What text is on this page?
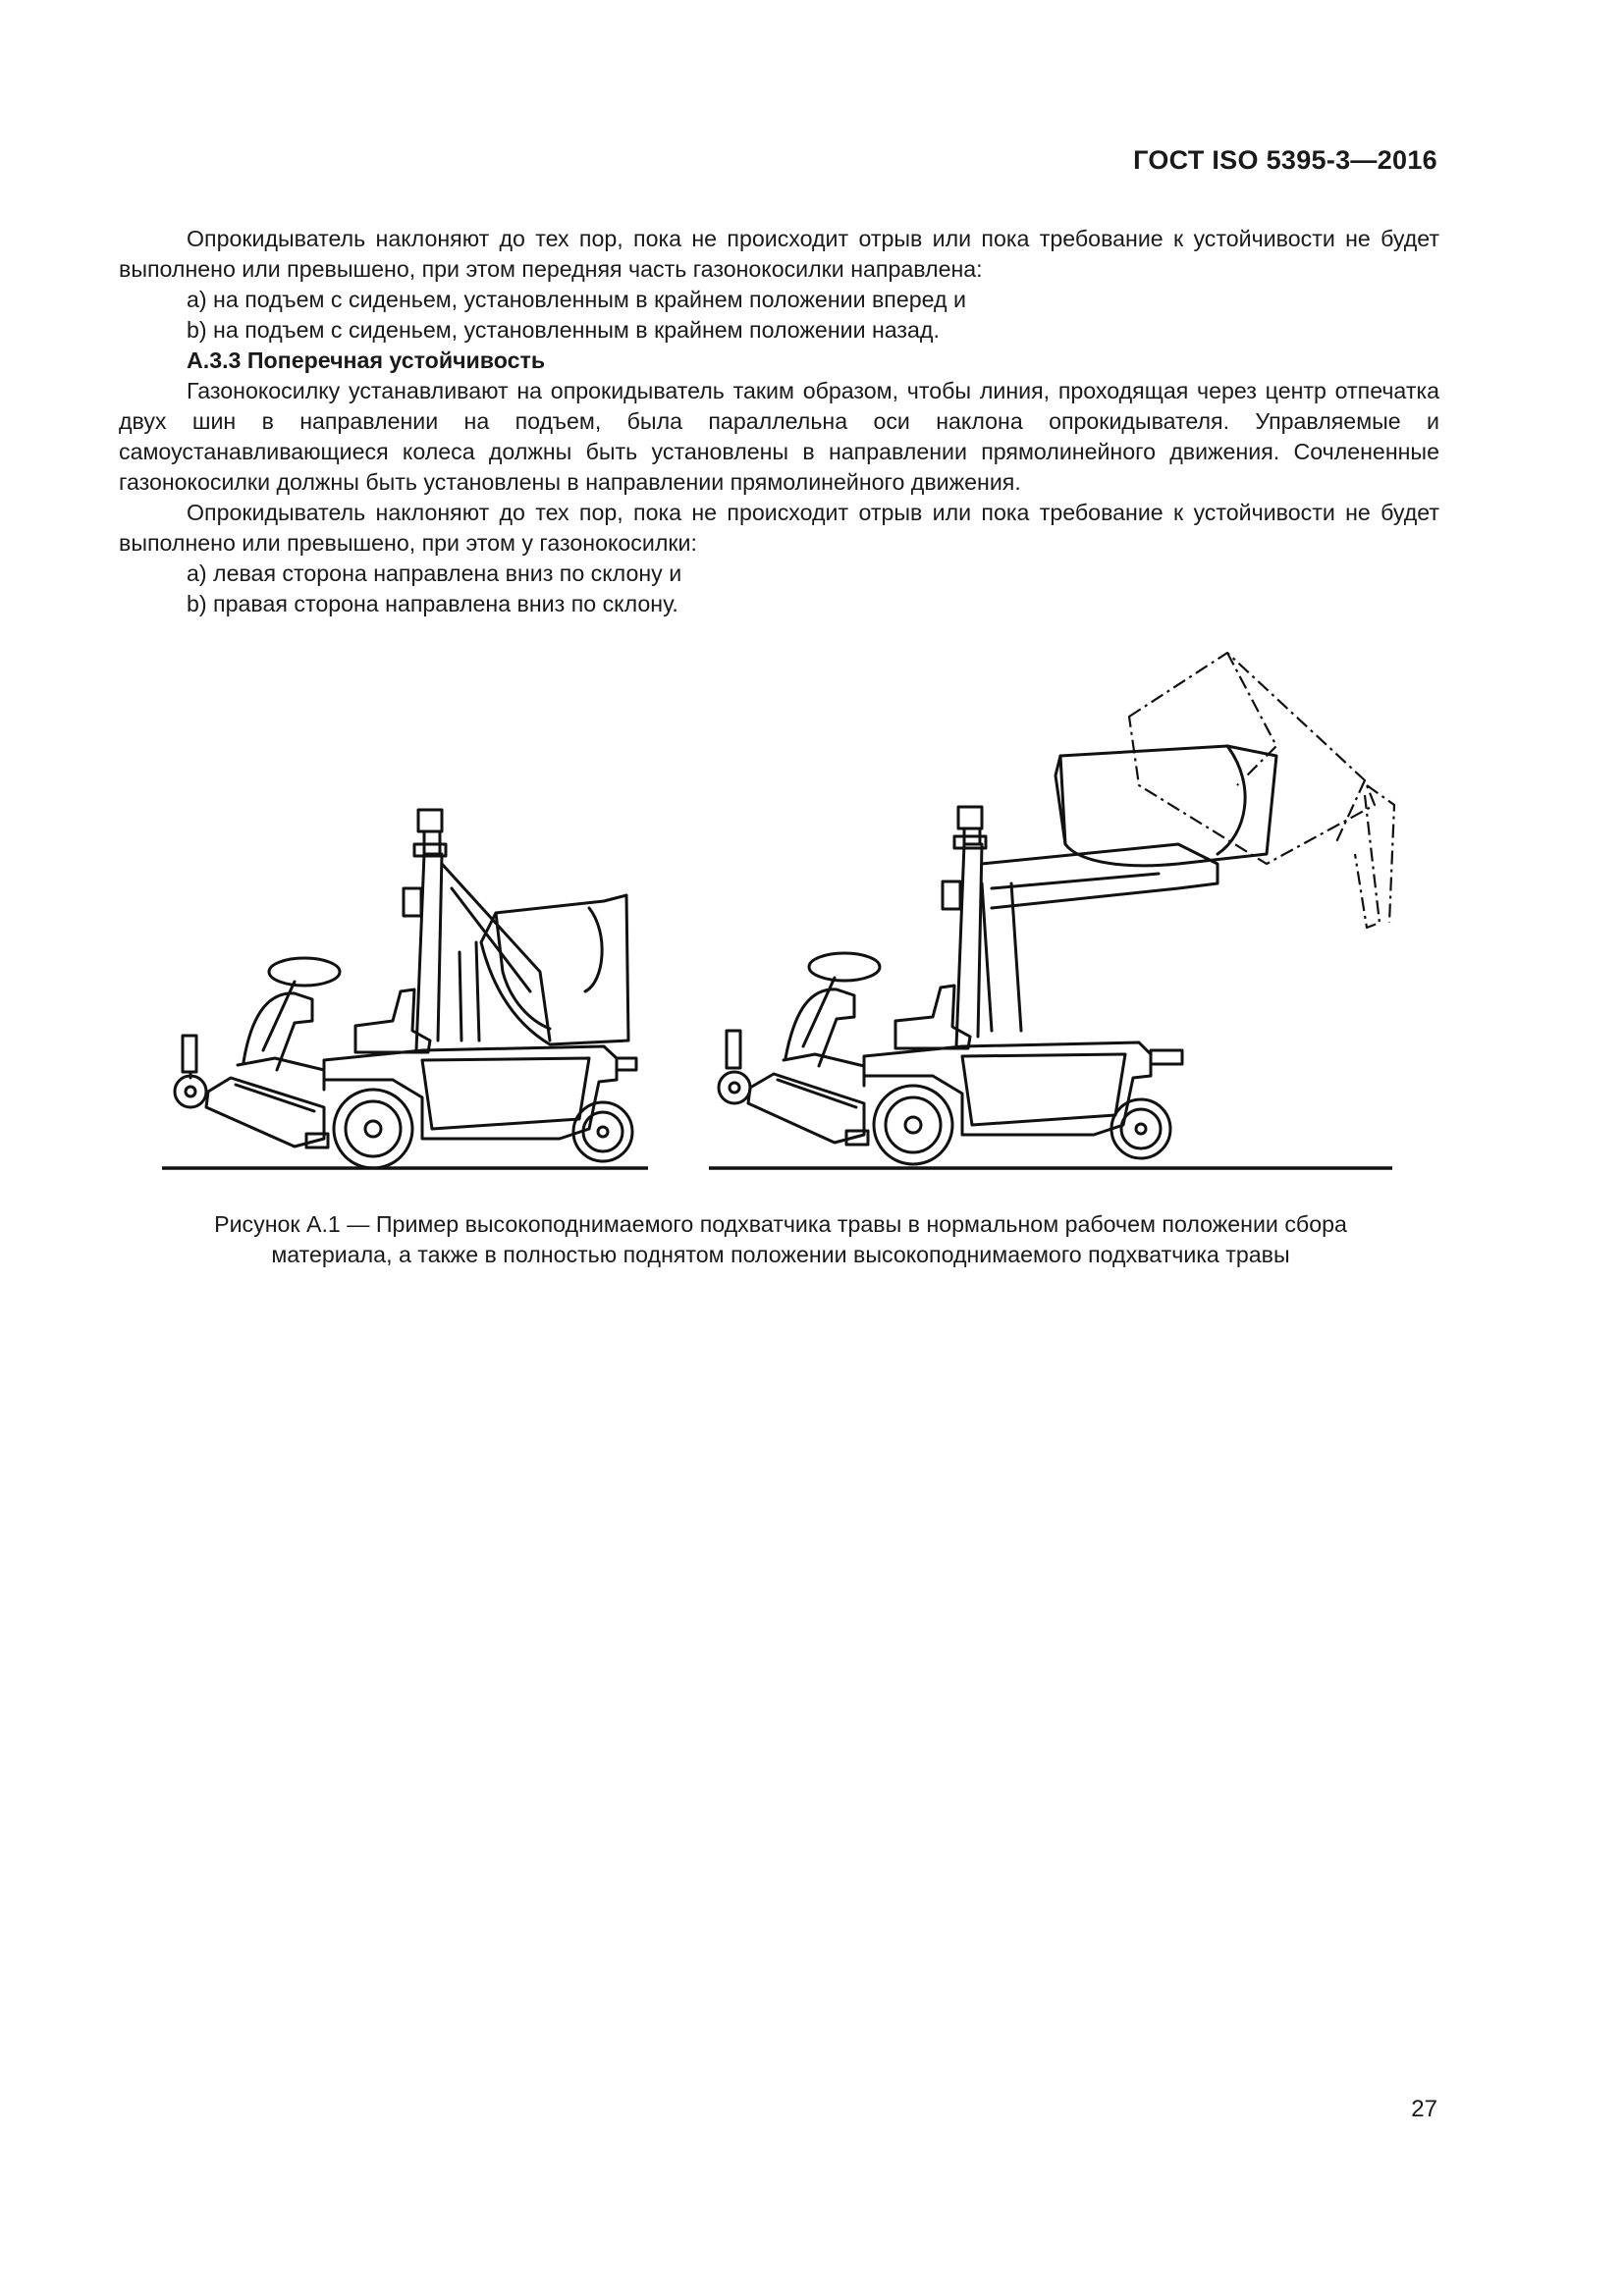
ГОСТ ISO 5395-3—2016

Опрокидыватель наклоняют до тех пор, пока не происходит отрыв или пока требование к устойчивости не будет выполнено или превышено, при этом передняя часть газонокосилки направлена:

a) на подъем с сиденьем, установленным в крайнем положении вперед и

b) на подъем с сиденьем, установленным в крайнем положении назад.

A.3.3 Поперечная устойчивость

Газонокосилку устанавливают на опрокидыватель таким образом, чтобы линия, проходящая через центр отпечатка двух шин в направлении на подъем, была параллельна оси наклона опрокидывателя. Управляемые и самоустанавливающиеся колеса должны быть установлены в направлении прямолинейного движения. Сочлененные газонокосилки должны быть установлены в направлении прямолинейного движения.

Опрокидыватель наклоняют до тех пор, пока не происходит отрыв или пока требование к устойчивости не будет выполнено или превышено, при этом у газонокосилки:

a) левая сторона направлена вниз по склону и

b) правая сторона направлена вниз по склону.

Рисунок A.1 — Пример высокоподнимаемого подхватчика травы в нормальном рабочем положении сбора
материала, а также в полностью поднятом положении высокоподнимаемого подхватчика травы
27
